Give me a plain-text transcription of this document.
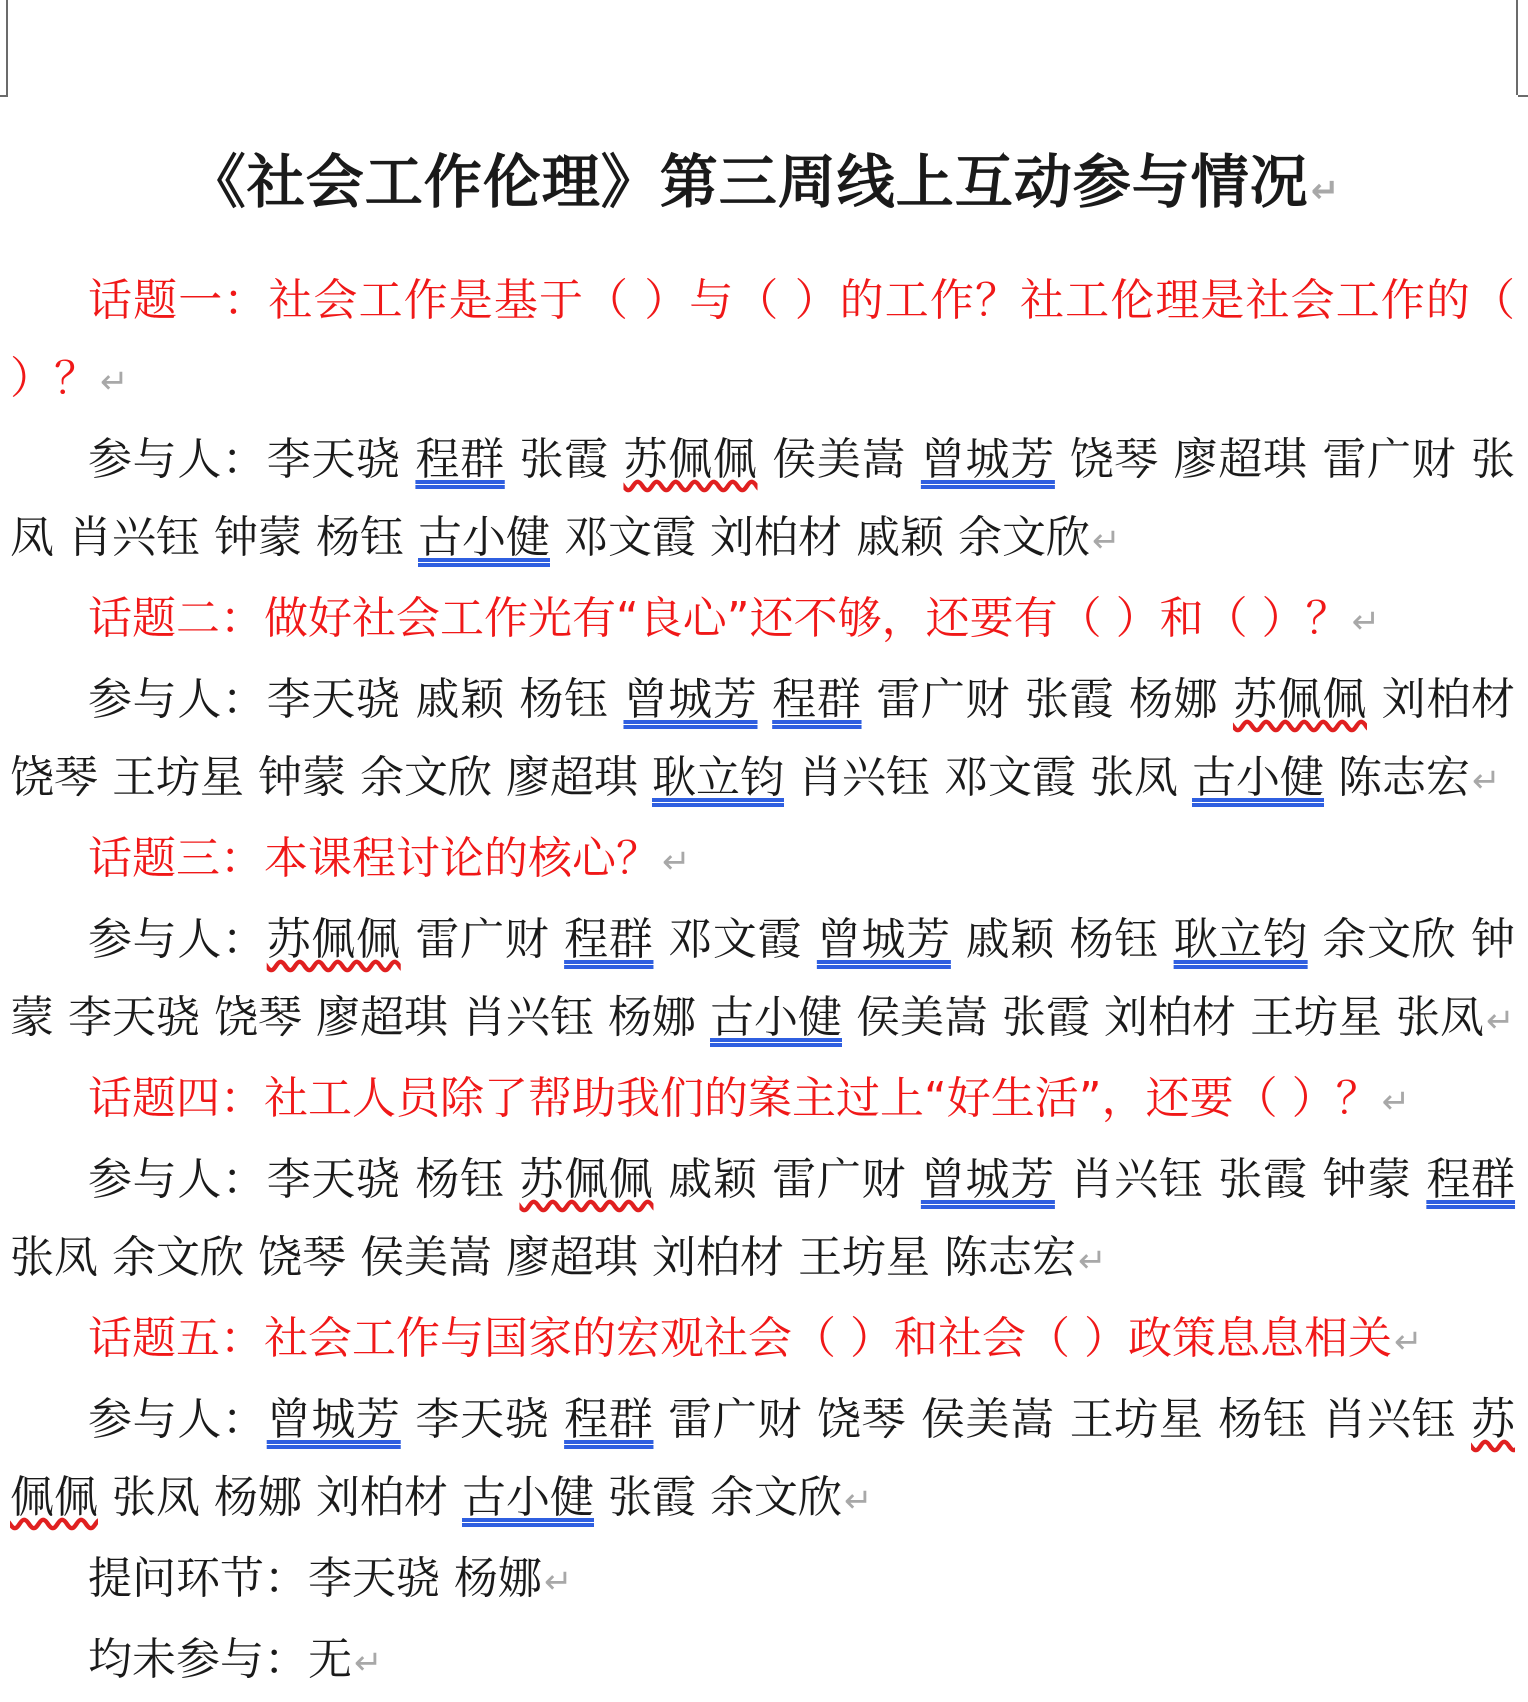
《社会工作伦理》第三周线上互动参与情况↵

话题一：社会工作是基于（ ）与（ ）的工作？社工伦理是社会工作的（ ）？↵

参与人：李天骁 程群 张霞 苏佩佩 侯美嵩 曾城芳 饶琴 廖超琪 雷广财 张凤 肖兴钰 钟蒙 杨钰 古小健 邓文霞 刘柏材 戚颖 余文欣↵

话题二：做好社会工作光有“良心”还不够，还要有（ ）和（ ）？↵

参与人：李天骁 戚颖 杨钰 曾城芳 程群 雷广财 张霞 杨娜 苏佩佩 刘柏材 饶琴 王坊星 钟蒙 余文欣 廖超琪 耿立钧 肖兴钰 邓文霞 张凤 古小健 陈志宏↵

话题三：本课程讨论的核心？↵

参与人：苏佩佩 雷广财 程群 邓文霞 曾城芳 戚颖 杨钰 耿立钧 余文欣 钟蒙 李天骁 饶琴 廖超琪 肖兴钰 杨娜 古小健 侯美嵩 张霞 刘柏材 王坊星 张凤↵

话题四：社工人员除了帮助我们的案主过上“好生活”，还要（ ）？↵

参与人：李天骁 杨钰 苏佩佩 戚颖 雷广财 曾城芳 肖兴钰 张霞 钟蒙 程群 张凤 余文欣 饶琴 侯美嵩 廖超琪 刘柏材 王坊星 陈志宏↵

话题五：社会工作与国家的宏观社会（ ）和社会（ ）政策息息相关↵

参与人：曾城芳 李天骁 程群 雷广财 饶琴 侯美嵩 王坊星 杨钰 肖兴钰 苏佩佩 张凤 杨娜 刘柏材 古小健 张霞 余文欣↵

提问环节：李天骁 杨娜↵

均未参与：无↵
